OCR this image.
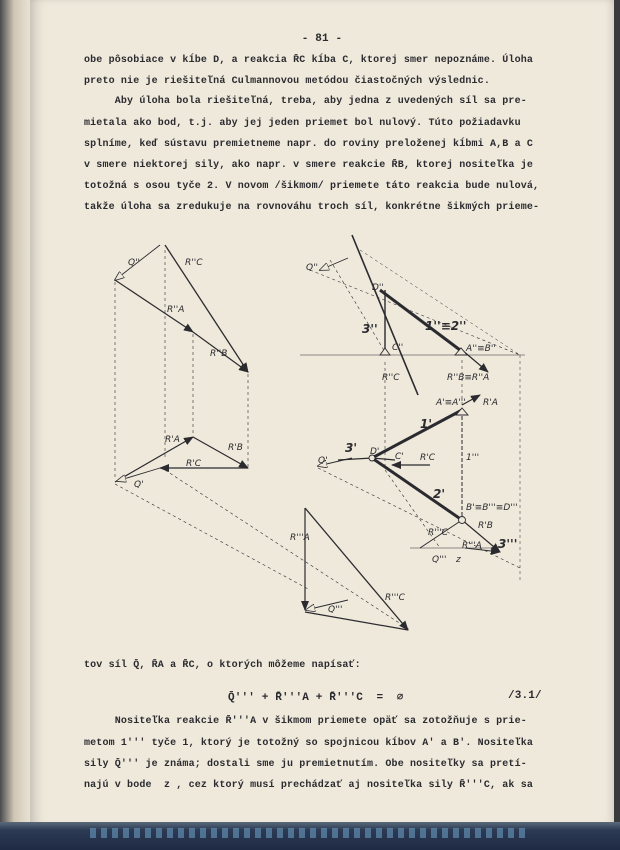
- 81 -
obe pôsobiace v kĺbe D, a reakcia R̄C kĺba C, ktorej smer nepoznáme. Úloha
preto nie je riešiteľná Culmannovou metódou čiastočných výslednic.
Aby úloha bola riešiteľná, treba, aby jedna z uvedených síl sa pre-
mietala ako bod, t.j. aby jej jeden priemet bol nulový. Túto požiadavku
splníme, keď sústavu premietneme napr. do roviny preloženej kĺbmi A,B a C
v smere niektorej sily, ako napr. v smere reakcie R̄B, ktorej nositeľka je
totožná s osou tyče 2. V novom /šikmom/ priemete táto reakcia bude nulová,
takže úloha sa zredukuje na rovnováhu troch síl, konkrétne šikmých prieme-
Q''	R''C
R''A
R''B
R'A
R'B
R'C
Q'
R'''A
Q'''
R'''C
Q''
D''
3''	1''≡2''
C''	A''≡B''
R''C	R''B≡R''A
A'≡A''' R'A
1'
1'''
3' D' C' R'C
Q'
2'
B'≡B'''≡D'''
R'B
R'''C
R'''A
Q''' z
3'''
tov síl Q̄, R̄A a R̄C, o ktorých môžeme napísať:
Q̄''' + R̄'''A + R̄'''C  =  ∅	/3.1/
Nositeľka reakcie R̄'''A v šikmom priemete opäť sa zotožňuje s prie-
metom 1''' tyče 1, ktorý je totožný so spojnicou kĺbov A' a B'. Nositeľka
sily Q̄''' je známa; dostali sme ju premietnutím. Obe nositeľky sa pretí-
najú v bode  z , cez ktorý musí prechádzať aj nositeľka sily R̄'''C, ak sa
